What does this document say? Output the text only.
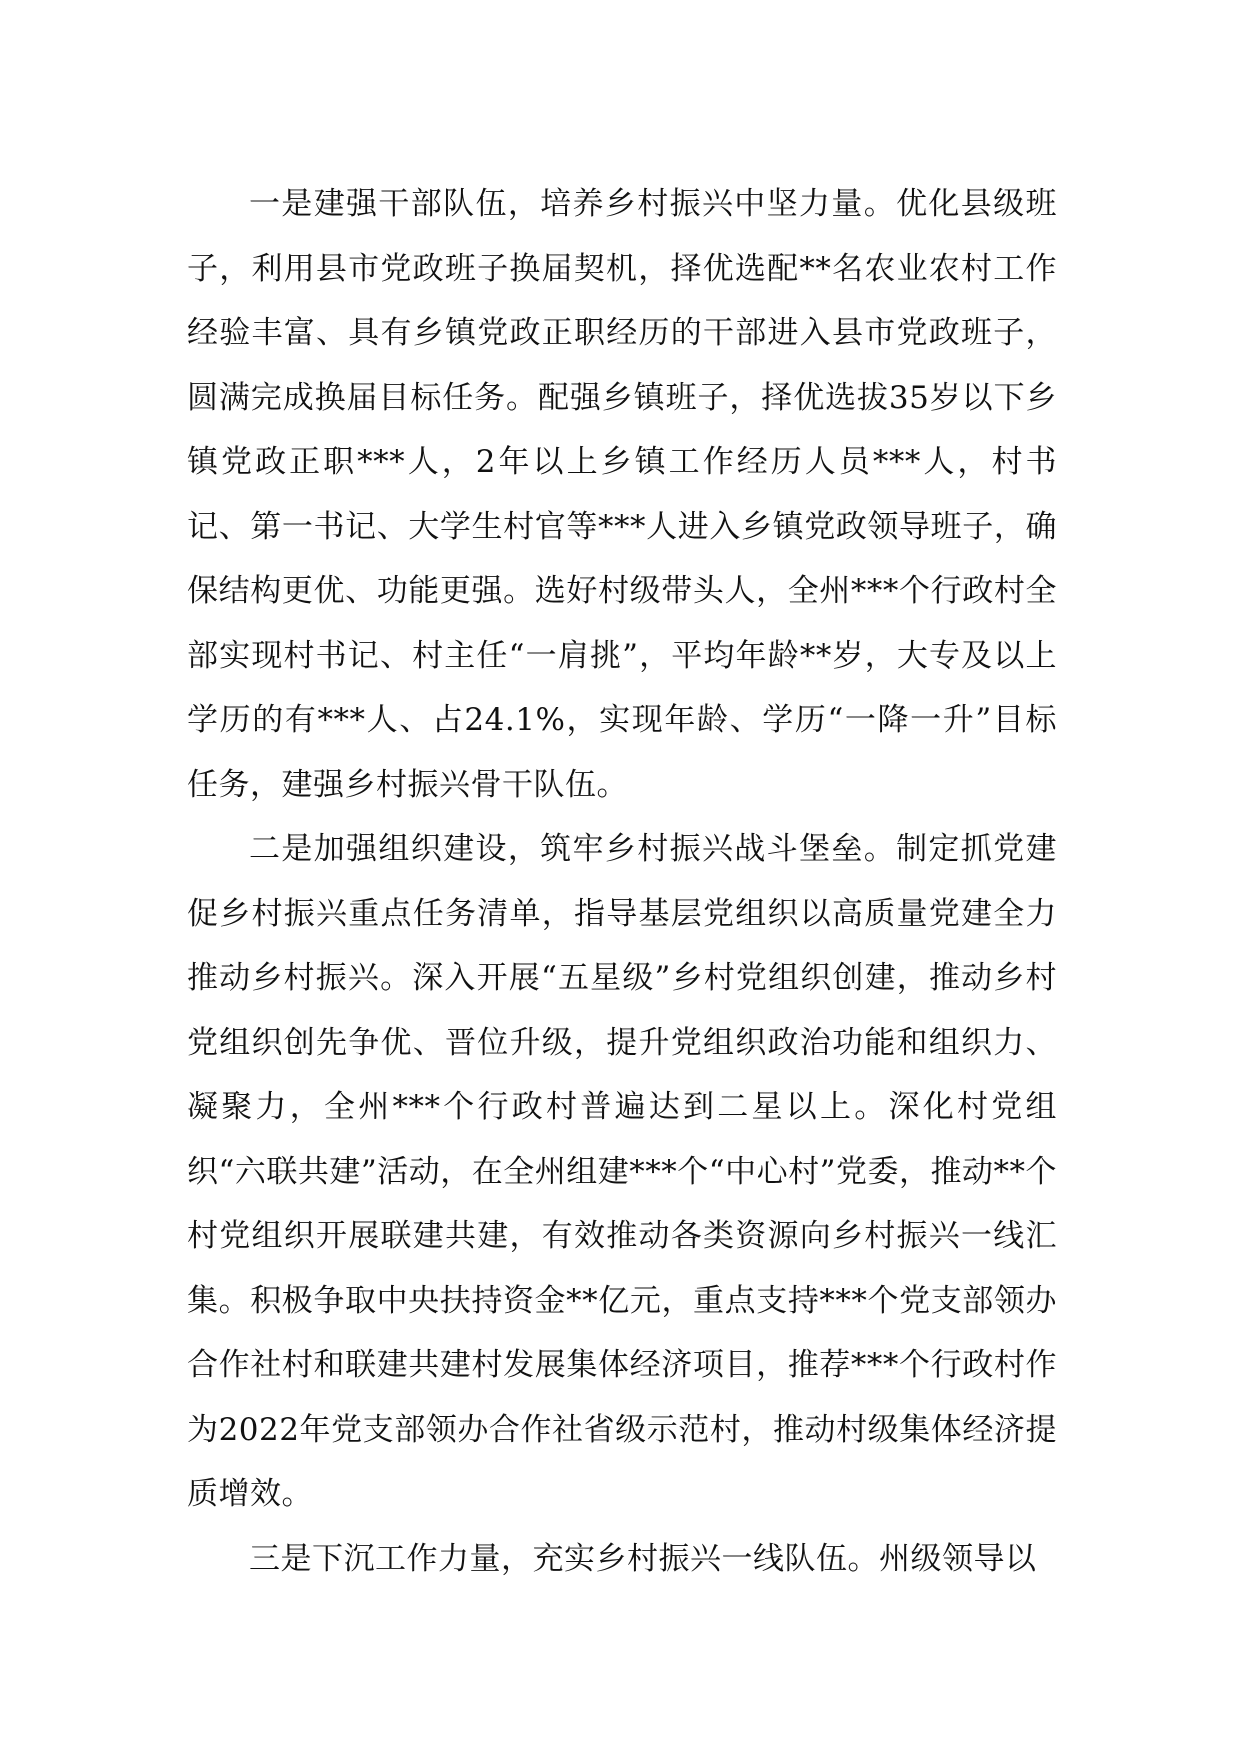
一是建强干部队伍，培养乡村振兴中坚力量。优化县级班子，利用县市党政班子换届契机，择优选配**名农业农村工作经验丰富、具有乡镇党政正职经历的干部进入县市党政班子，圆满完成换届目标任务。配强乡镇班子，择优选拔35岁以下乡镇党政正职***人，2年以上乡镇工作经历人员***人，村书记、第一书记、大学生村官等***人进入乡镇党政领导班子，确保结构更优、功能更强。选好村级带头人，全州***个行政村全部实现村书记、村主任“一肩挑”，平均年龄**岁，大专及以上学历的有***人、占24.1%，实现年龄、学历“一降一升”目标任务，建强乡村振兴骨干队伍。

二是加强组织建设，筑牢乡村振兴战斗堡垒。制定抓党建促乡村振兴重点任务清单，指导基层党组织以高质量党建全力推动乡村振兴。深入开展“五星级”乡村党组织创建，推动乡村党组织创先争优、晋位升级，提升党组织政治功能和组织力、凝聚力，全州***个行政村普遍达到二星以上。深化村党组织“六联共建”活动，在全州组建***个“中心村”党委，推动**个村党组织开展联建共建，有效推动各类资源向乡村振兴一线汇集。积极争取中央扶持资金**亿元，重点支持***个党支部领办合作社村和联建共建村发展集体经济项目，推荐***个行政村作为2022年党支部领办合作社省级示范村，推动村级集体经济提质增效。

三是下沉工作力量，充实乡村振兴一线队伍。州级领导以
